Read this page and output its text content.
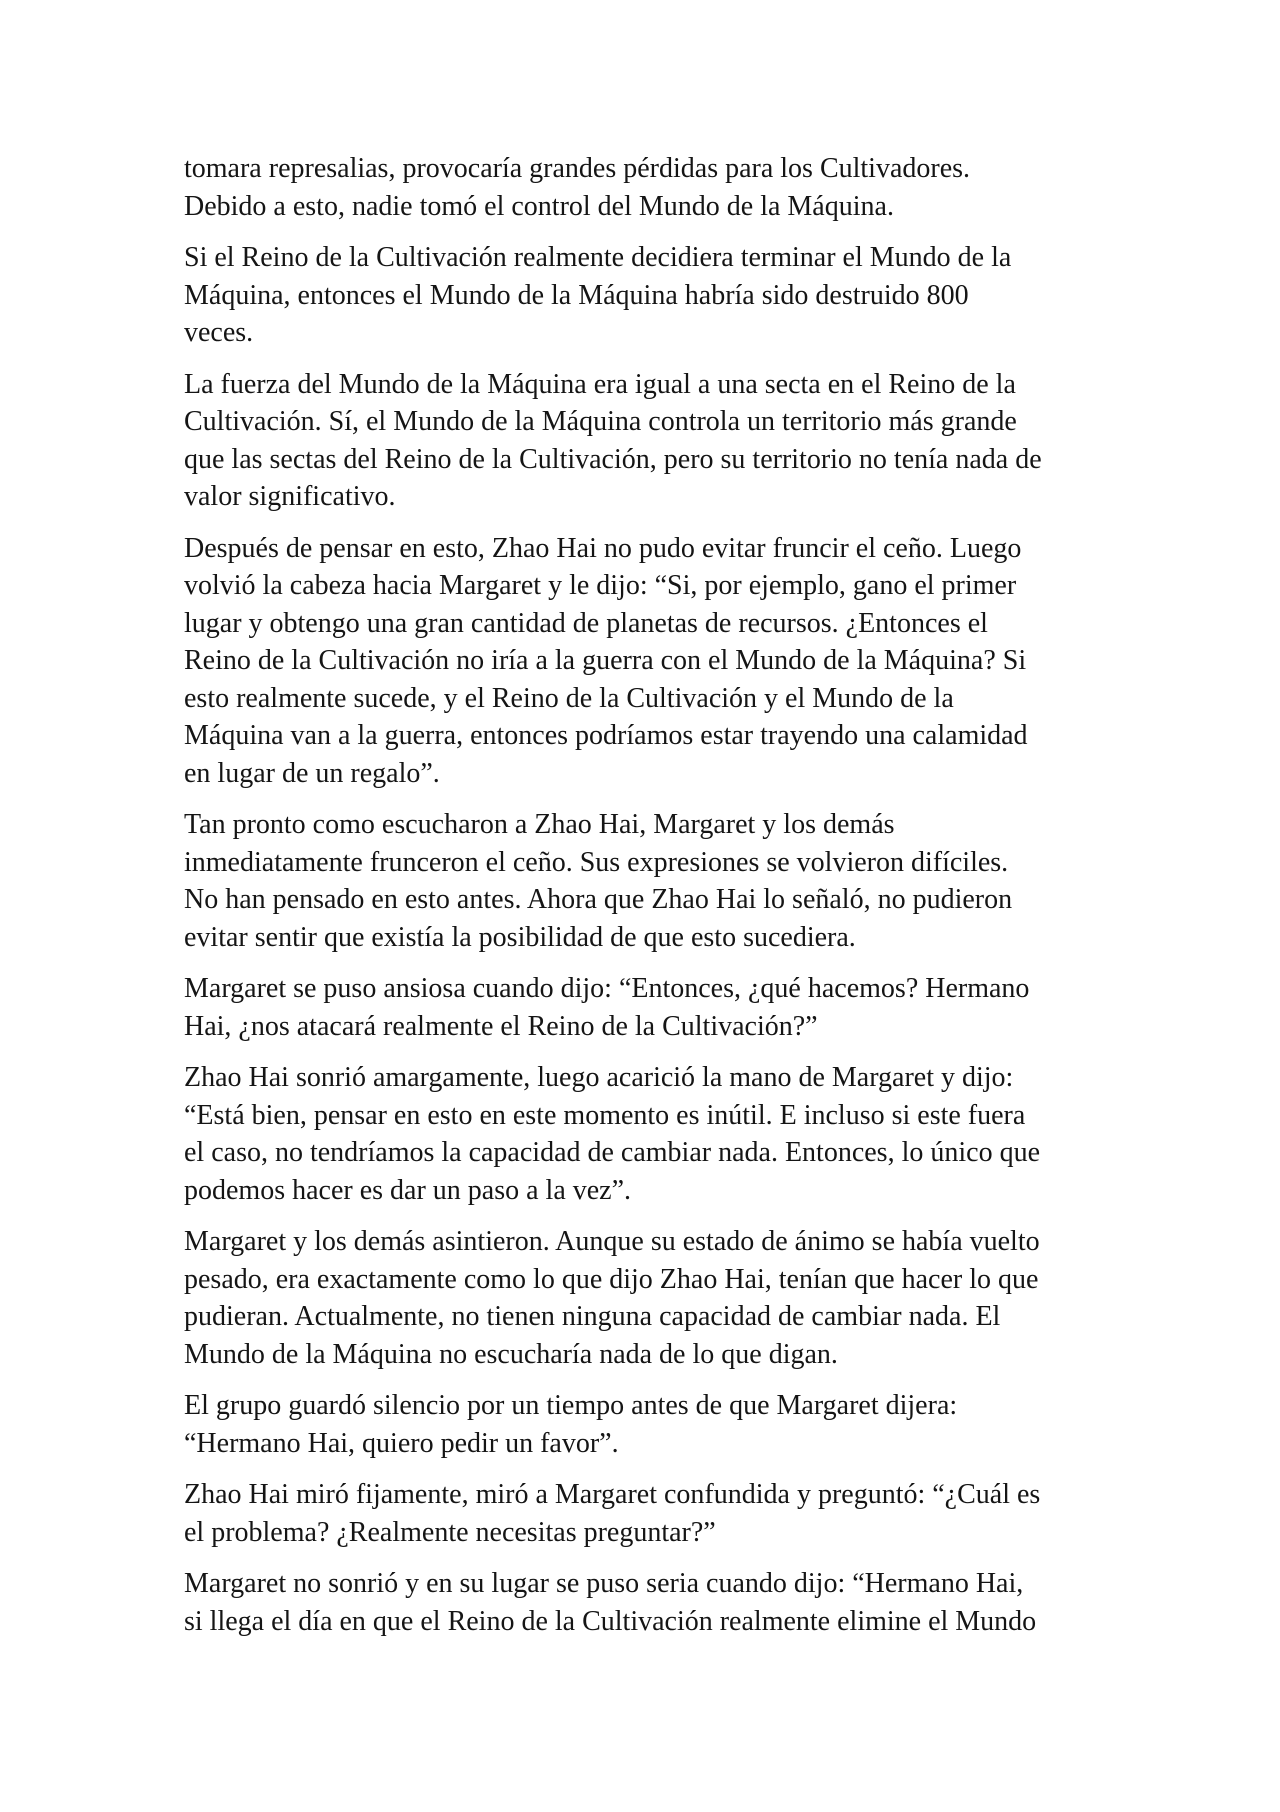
tomara represalias, provocaría grandes pérdidas para los Cultivadores.
Debido a esto, nadie tomó el control del Mundo de la Máquina.

Si el Reino de la Cultivación realmente decidiera terminar el Mundo de la
Máquina, entonces el Mundo de la Máquina habría sido destruido 800
veces.

La fuerza del Mundo de la Máquina era igual a una secta en el Reino de la
Cultivación. Sí, el Mundo de la Máquina controla un territorio más grande
que las sectas del Reino de la Cultivación, pero su territorio no tenía nada de
valor significativo.

Después de pensar en esto, Zhao Hai no pudo evitar fruncir el ceño. Luego
volvió la cabeza hacia Margaret y le dijo: “Si, por ejemplo, gano el primer
lugar y obtengo una gran cantidad de planetas de recursos. ¿Entonces el
Reino de la Cultivación no iría a la guerra con el Mundo de la Máquina? Si
esto realmente sucede, y el Reino de la Cultivación y el Mundo de la
Máquina van a la guerra, entonces podríamos estar trayendo una calamidad
en lugar de un regalo”.

Tan pronto como escucharon a Zhao Hai, Margaret y los demás
inmediatamente frunceron el ceño. Sus expresiones se volvieron difíciles.
No han pensado en esto antes. Ahora que Zhao Hai lo señaló, no pudieron
evitar sentir que existía la posibilidad de que esto sucediera.

Margaret se puso ansiosa cuando dijo: “Entonces, ¿qué hacemos? Hermano
Hai, ¿nos atacará realmente el Reino de la Cultivación?”

Zhao Hai sonrió amargamente, luego acarició la mano de Margaret y dijo:
“Está bien, pensar en esto en este momento es inútil. E incluso si este fuera
el caso, no tendríamos la capacidad de cambiar nada. Entonces, lo único que
podemos hacer es dar un paso a la vez”.

Margaret y los demás asintieron. Aunque su estado de ánimo se había vuelto
pesado, era exactamente como lo que dijo Zhao Hai, tenían que hacer lo que
pudieran. Actualmente, no tienen ninguna capacidad de cambiar nada. El
Mundo de la Máquina no escucharía nada de lo que digan.

El grupo guardó silencio por un tiempo antes de que Margaret dijera:
“Hermano Hai, quiero pedir un favor”.

Zhao Hai miró fijamente, miró a Margaret confundida y preguntó: “¿Cuál es
el problema? ¿Realmente necesitas preguntar?”

Margaret no sonrió y en su lugar se puso seria cuando dijo: “Hermano Hai,
si llega el día en que el Reino de la Cultivación realmente elimine el Mundo
